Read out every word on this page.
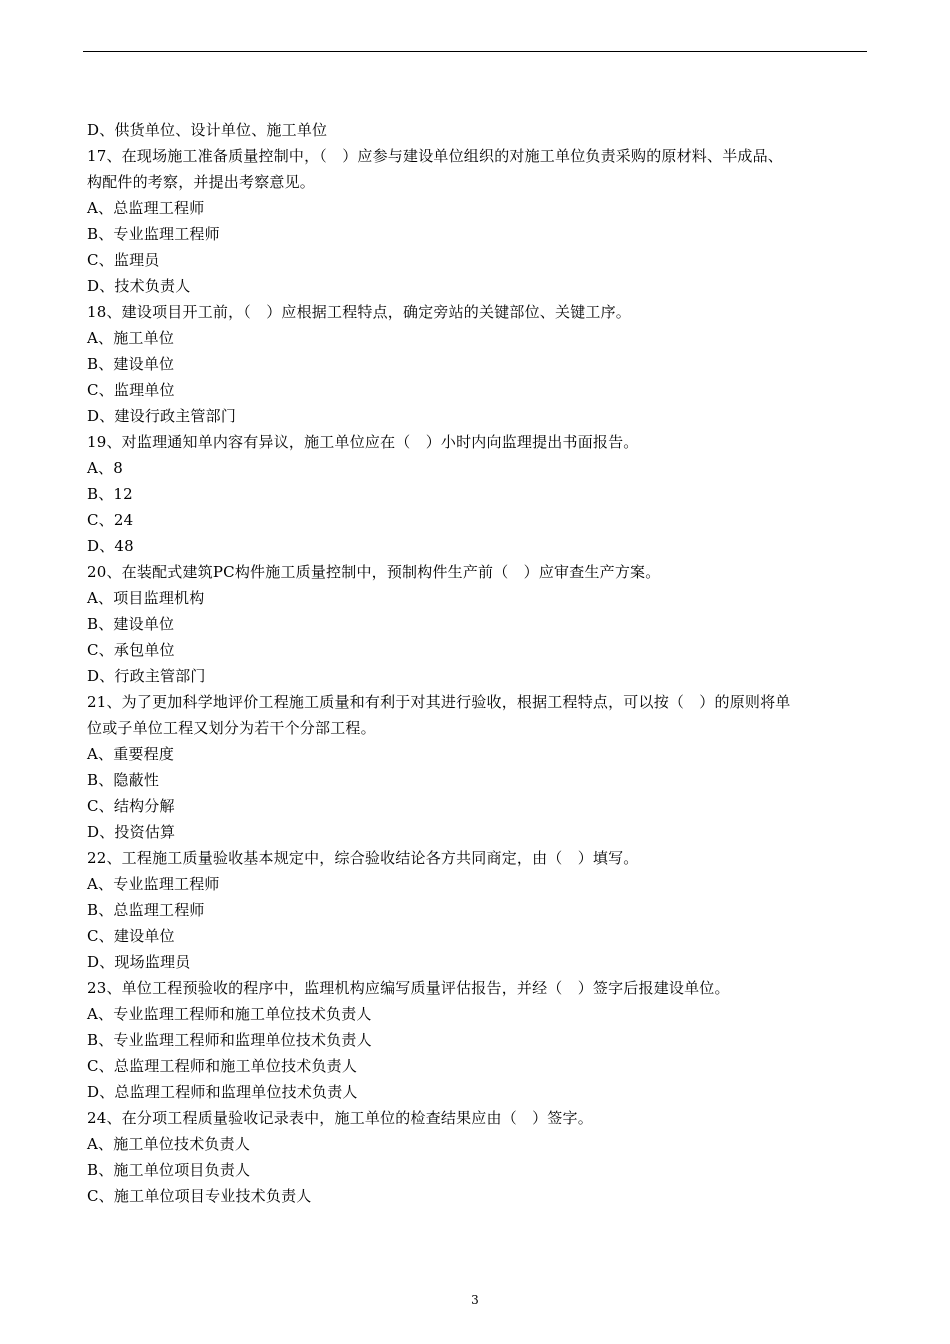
D、供货单位、设计单位、施工单位
17、在现场施工准备质量控制中，（　）应参与建设单位组织的对施工单位负责采购的原材料、半成品、
构配件的考察，并提出考察意见。
A、总监理工程师
B、专业监理工程师
C、监理员
D、技术负责人
18、建设项目开工前，（　）应根据工程特点，确定旁站的关键部位、关键工序。
A、施工单位
B、建设单位
C、监理单位
D、建设行政主管部门
19、对监理通知单内容有异议，施工单位应在（　）小时内向监理提出书面报告。
A、8
B、12
C、24
D、48
20、在装配式建筑PC构件施工质量控制中，预制构件生产前（　）应审查生产方案。
A、项目监理机构
B、建设单位
C、承包单位
D、行政主管部门
21、为了更加科学地评价工程施工质量和有利于对其进行验收，根据工程特点，可以按（　）的原则将单
位或子单位工程又划分为若干个分部工程。
A、重要程度
B、隐蔽性
C、结构分解
D、投资估算
22、工程施工质量验收基本规定中，综合验收结论各方共同商定，由（　）填写。
A、专业监理工程师
B、总监理工程师
C、建设单位
D、现场监理员
23、单位工程预验收的程序中，监理机构应编写质量评估报告，并经（　）签字后报建设单位。
A、专业监理工程师和施工单位技术负责人
B、专业监理工程师和监理单位技术负责人
C、总监理工程师和施工单位技术负责人
D、总监理工程师和监理单位技术负责人
24、在分项工程质量验收记录表中，施工单位的检查结果应由（　）签字。
A、施工单位技术负责人
B、施工单位项目负责人
C、施工单位项目专业技术负责人
3
